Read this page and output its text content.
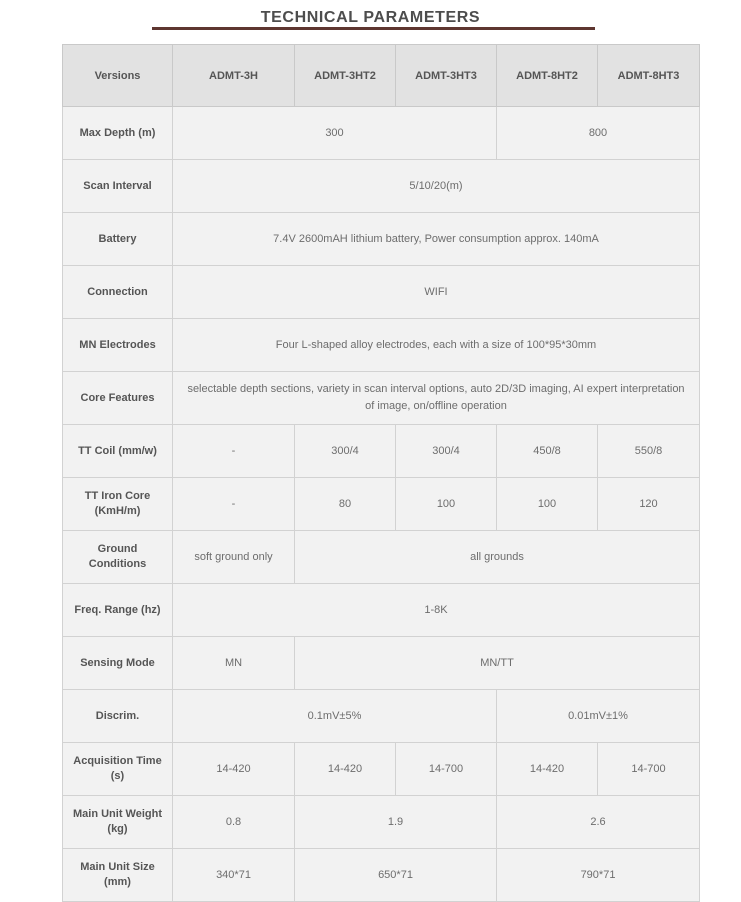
TECHNICAL PARAMETERS
Versions	ADMT-3H	ADMT-3HT2	ADMT-3HT3	ADMT-8HT2	ADMT-8HT3
Max Depth (m)	300			800	
Scan Interval	5/10/20(m)				
Battery	7.4V 2600mAH lithium battery, Power consumption approx. 140mA				
Connection	WIFI				
MN Electrodes	Four L-shaped alloy electrodes, each with a size of 100*95*30mm				
Core Features	selectable depth sections, variety in scan interval options, auto 2D/3D imaging, AI expert interpretation of image, on/offline operation				
TT Coil (mm/w)	-	300/4	300/4	450/8	550/8
TT Iron Core (KmH/m)	-	80	100	100	120
Ground Conditions	soft ground only	all grounds			
Freq. Range (hz)	1-8K				
Sensing Mode	MN	MN/TT			
Discrim.	0.1mV±5%			0.01mV±1%	
Acquisition Time (s)	14-420	14-420	14-700	14-420	14-700
Main Unit Weight (kg)	0.8	1.9		2.6	
Main Unit Size (mm)	340*71	650*71		790*71	
